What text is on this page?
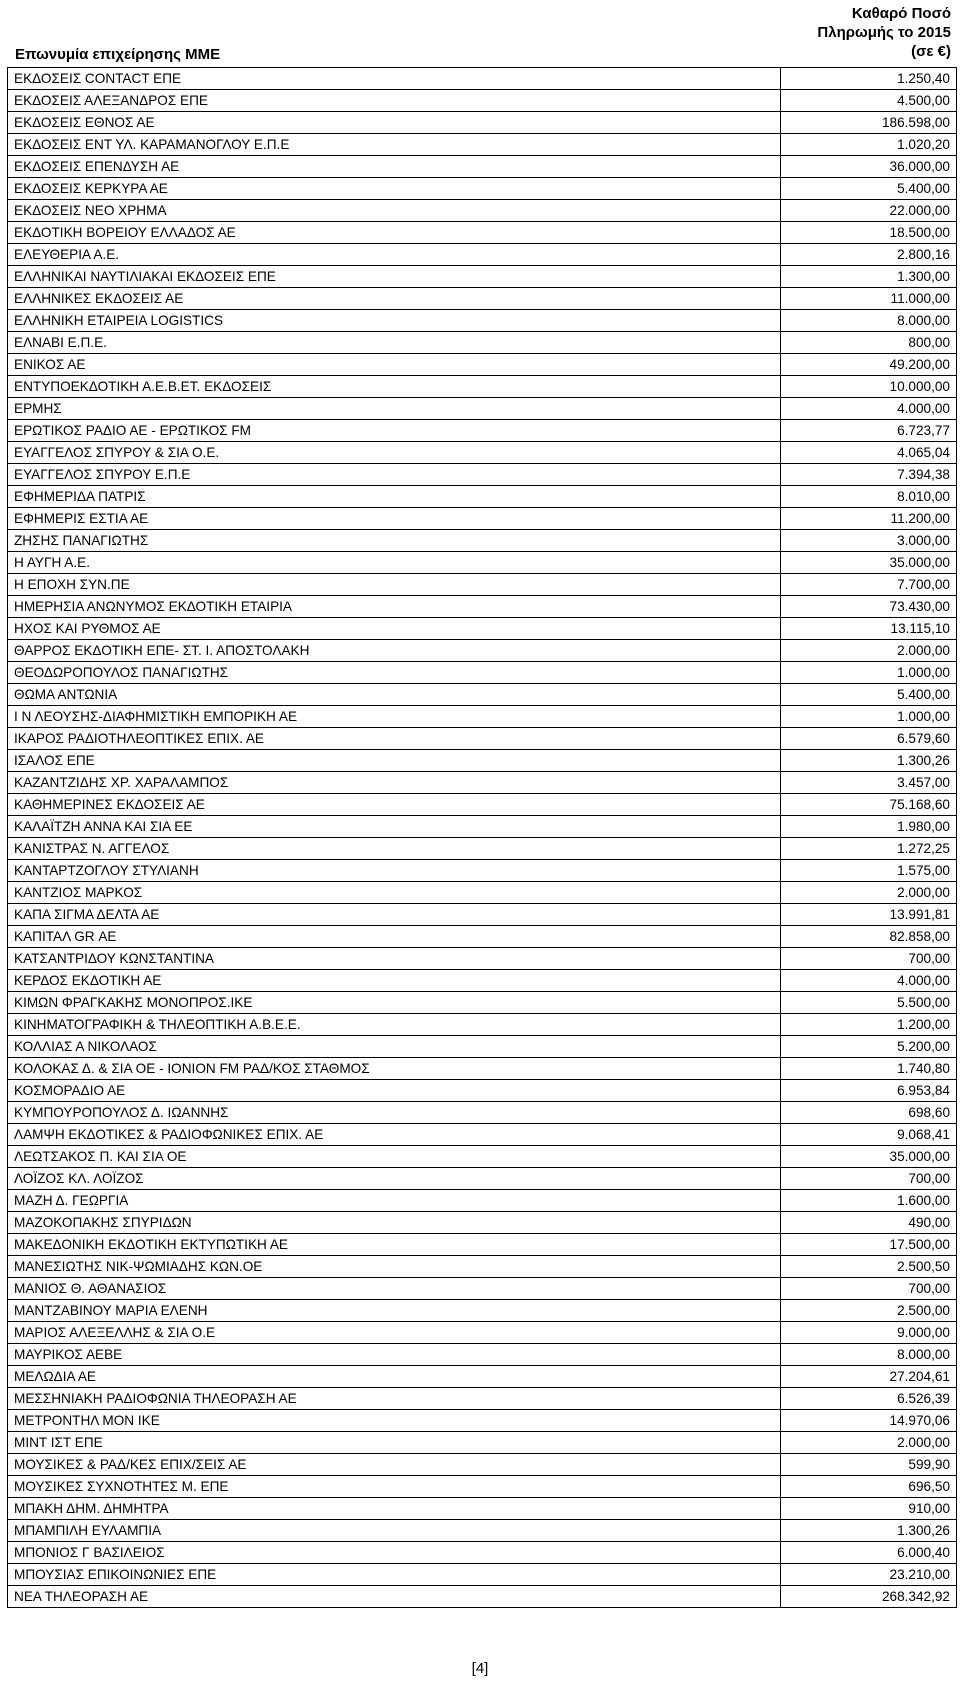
Επωνυμία επιχείρησης ΜΜΕ
Καθαρό Ποσό
Πληρωμής το 2015
(σε €)
ΕΚΔΟΣΕΙΣ CONTACT ΕΠΕ	1.250,40
ΕΚΔΟΣΕΙΣ ΑΛΕΞΑΝΔΡΟΣ ΕΠΕ	4.500,00
ΕΚΔΟΣΕΙΣ ΕΘΝΟΣ ΑΕ	186.598,00
ΕΚΔΟΣΕΙΣ ΕΝΤ ΥΛ. ΚΑΡΑΜΑΝΟΓΛΟΥ Ε.Π.Ε	1.020,20
ΕΚΔΟΣΕΙΣ ΕΠΕΝΔΥΣΗ ΑΕ	36.000,00
ΕΚΔΟΣΕΙΣ ΚΕΡΚΥΡΑ ΑΕ	5.400,00
ΕΚΔΟΣΕΙΣ ΝΕΟ ΧΡΗΜΑ	22.000,00
ΕΚΔΟΤΙΚΗ ΒΟΡΕΙΟΥ ΕΛΛΑΔΟΣ ΑΕ	18.500,00
ΕΛΕΥΘΕΡΙΑ Α.Ε.	2.800,16
ΕΛΛΗΝΙΚΑΙ ΝΑΥΤΙΛΙΑΚΑΙ ΕΚΔΟΣΕΙΣ ΕΠΕ	1.300,00
ΕΛΛΗΝΙΚΕΣ ΕΚΔΟΣΕΙΣ ΑΕ	11.000,00
ΕΛΛΗΝΙΚΗ ΕΤΑΙΡΕΙΑ LOGISTICS	8.000,00
ΕΛΝΑΒΙ Ε.Π.Ε.	800,00
ΕΝΙΚΟΣ ΑΕ	49.200,00
ΕΝΤΥΠΟΕΚΔΟΤΙΚΗ Α.Ε.Β.ΕΤ. ΕΚΔΟΣΕΙΣ	10.000,00
ΕΡΜΗΣ	4.000,00
ΕΡΩΤΙΚΟΣ ΡΑΔΙΟ ΑΕ - ΕΡΩΤΙΚΟΣ FM	6.723,77
ΕΥΑΓΓΕΛΟΣ ΣΠΥΡΟΥ & ΣΙΑ Ο.Ε.	4.065,04
ΕΥΑΓΓΕΛΟΣ ΣΠΥΡΟΥ Ε.Π.Ε	7.394,38
ΕΦΗΜΕΡΙΔΑ ΠΑΤΡΙΣ	8.010,00
ΕΦΗΜΕΡΙΣ ΕΣΤΙΑ ΑΕ	11.200,00
ΖΗΣΗΣ ΠΑΝΑΓΙΩΤΗΣ	3.000,00
Η ΑΥΓΗ Α.Ε.	35.000,00
Η ΕΠΟΧΗ ΣΥΝ.ΠΕ	7.700,00
ΗΜΕΡΗΣΙΑ ΑΝΩΝΥΜΟΣ ΕΚΔΟΤΙΚΗ ΕΤΑΙΡΙΑ	73.430,00
ΗΧΟΣ ΚΑΙ ΡΥΘΜΟΣ ΑΕ	13.115,10
ΘΑΡΡΟΣ ΕΚΔΟΤΙΚΗ ΕΠΕ- ΣΤ. Ι. ΑΠΟΣΤΟΛΑΚΗ	2.000,00
ΘΕΟΔΩΡΟΠΟΥΛΟΣ ΠΑΝΑΓΙΩΤΗΣ	1.000,00
ΘΩΜΑ ΑΝΤΩΝΙΑ	5.400,00
Ι Ν ΛΕΟΥΣΗΣ-ΔΙΑΦΗΜΙΣΤΙΚΗ ΕΜΠΟΡΙΚΗ ΑΕ	1.000,00
ΙΚΑΡΟΣ ΡΑΔΙΟΤΗΛΕΟΠΤΙΚΕΣ ΕΠΙΧ. ΑΕ	6.579,60
ΙΣΑΛΟΣ ΕΠΕ	1.300,26
ΚΑΖΑΝΤΖΙΔΗΣ ΧΡ. ΧΑΡΑΛΑΜΠΟΣ	3.457,00
ΚΑΘΗΜΕΡΙΝΕΣ ΕΚΔΟΣΕΙΣ ΑΕ	75.168,60
ΚΑΛΑΪΤΖΗ ΑΝΝΑ ΚΑΙ ΣΙΑ ΕΕ	1.980,00
ΚΑΝΙΣΤΡΑΣ Ν. ΑΓΓΕΛΟΣ	1.272,25
ΚΑΝΤΑΡΤΖΟΓΛΟΥ ΣΤΥΛΙΑΝΗ	1.575,00
ΚΑΝΤΖΙΟΣ ΜΑΡΚΟΣ	2.000,00
ΚΑΠΑ ΣΙΓΜΑ ΔΕΛΤΑ ΑΕ	13.991,81
ΚΑΠΙΤΑΛ GR ΑΕ	82.858,00
ΚΑΤΣΑΝΤΡΙΔΟΥ ΚΩΝΣΤΑΝΤΙΝΑ	700,00
ΚΕΡΔΟΣ ΕΚΔΟΤΙΚΗ ΑΕ	4.000,00
ΚΙΜΩΝ ΦΡΑΓΚΑΚΗΣ ΜΟΝΟΠΡΟΣ.ΙΚΕ	5.500,00
ΚΙΝΗΜΑΤΟΓΡΑΦΙΚΗ & ΤΗΛΕΟΠΤΙΚΗ Α.Β.Ε.Ε.	1.200,00
ΚΟΛΛΙΑΣ Α ΝΙΚΟΛΑΟΣ	5.200,00
ΚΟΛΟΚΑΣ Δ. & ΣΙΑ ΟΕ - IONION FM ΡΑΔ/ΚΟΣ ΣΤΑΘΜΟΣ	1.740,80
ΚΟΣΜΟΡΑΔΙΟ ΑΕ	6.953,84
ΚΥΜΠΟΥΡΟΠΟΥΛΟΣ Δ. ΙΩΑΝΝΗΣ	698,60
ΛΑΜΨΗ ΕΚΔΟΤΙΚΕΣ & ΡΑΔΙΟΦΩΝΙΚΕΣ ΕΠΙΧ. ΑΕ	9.068,41
ΛΕΩΤΣΑΚΟΣ Π. ΚΑΙ ΣΙΑ ΟΕ	35.000,00
ΛΟΪΖΟΣ ΚΛ. ΛΟΪΖΟΣ	700,00
ΜΑΖΗ Δ. ΓΕΩΡΓΙΑ	1.600,00
ΜΑΖΟΚΟΠΑΚΗΣ ΣΠΥΡΙΔΩΝ	490,00
ΜΑΚΕΔΟΝΙΚΗ ΕΚΔΟΤΙΚΗ ΕΚΤΥΠΩΤΙΚΗ ΑΕ	17.500,00
ΜΑΝΕΣΙΩΤΗΣ ΝΙΚ-ΨΩΜΙΑΔΗΣ ΚΩΝ.ΟΕ	2.500,50
ΜΑΝΙΟΣ Θ. ΑΘΑΝΑΣΙΟΣ	700,00
ΜΑΝΤΖΑΒΙΝΟΥ ΜΑΡΙΑ ΕΛΕΝΗ	2.500,00
ΜΑΡΙΟΣ ΑΛΕΞΕΛΛΗΣ & ΣΙΑ Ο.Ε	9.000,00
ΜΑΥΡΙΚΟΣ ΑΕΒΕ	8.000,00
ΜΕΛΩΔΙΑ ΑΕ	27.204,61
ΜΕΣΣΗΝΙΑΚΗ ΡΑΔΙΟΦΩΝΙΑ ΤΗΛΕΟΡΑΣΗ ΑΕ	6.526,39
ΜΕΤΡΟΝΤΗΛ ΜΟΝ ΙΚΕ	14.970,06
ΜΙΝΤ ΙΣΤ ΕΠΕ	2.000,00
ΜΟΥΣΙΚΕΣ & ΡΑΔ/ΚΕΣ ΕΠΙΧ/ΣΕΙΣ ΑΕ	599,90
ΜΟΥΣΙΚΕΣ ΣΥΧΝΟΤΗΤΕΣ Μ. ΕΠΕ	696,50
ΜΠΑΚΗ ΔΗΜ. ΔΗΜΗΤΡΑ	910,00
ΜΠΑΜΠΙΛΗ ΕΥΛΑΜΠΙΑ	1.300,26
ΜΠΟΝΙΟΣ Γ ΒΑΣΙΛΕΙΟΣ	6.000,40
ΜΠΟΥΣΙΑΣ ΕΠΙΚΟΙΝΩΝΙΕΣ ΕΠΕ	23.210,00
ΝΕΑ ΤΗΛΕΟΡΑΣΗ ΑΕ	268.342,92
[4]
